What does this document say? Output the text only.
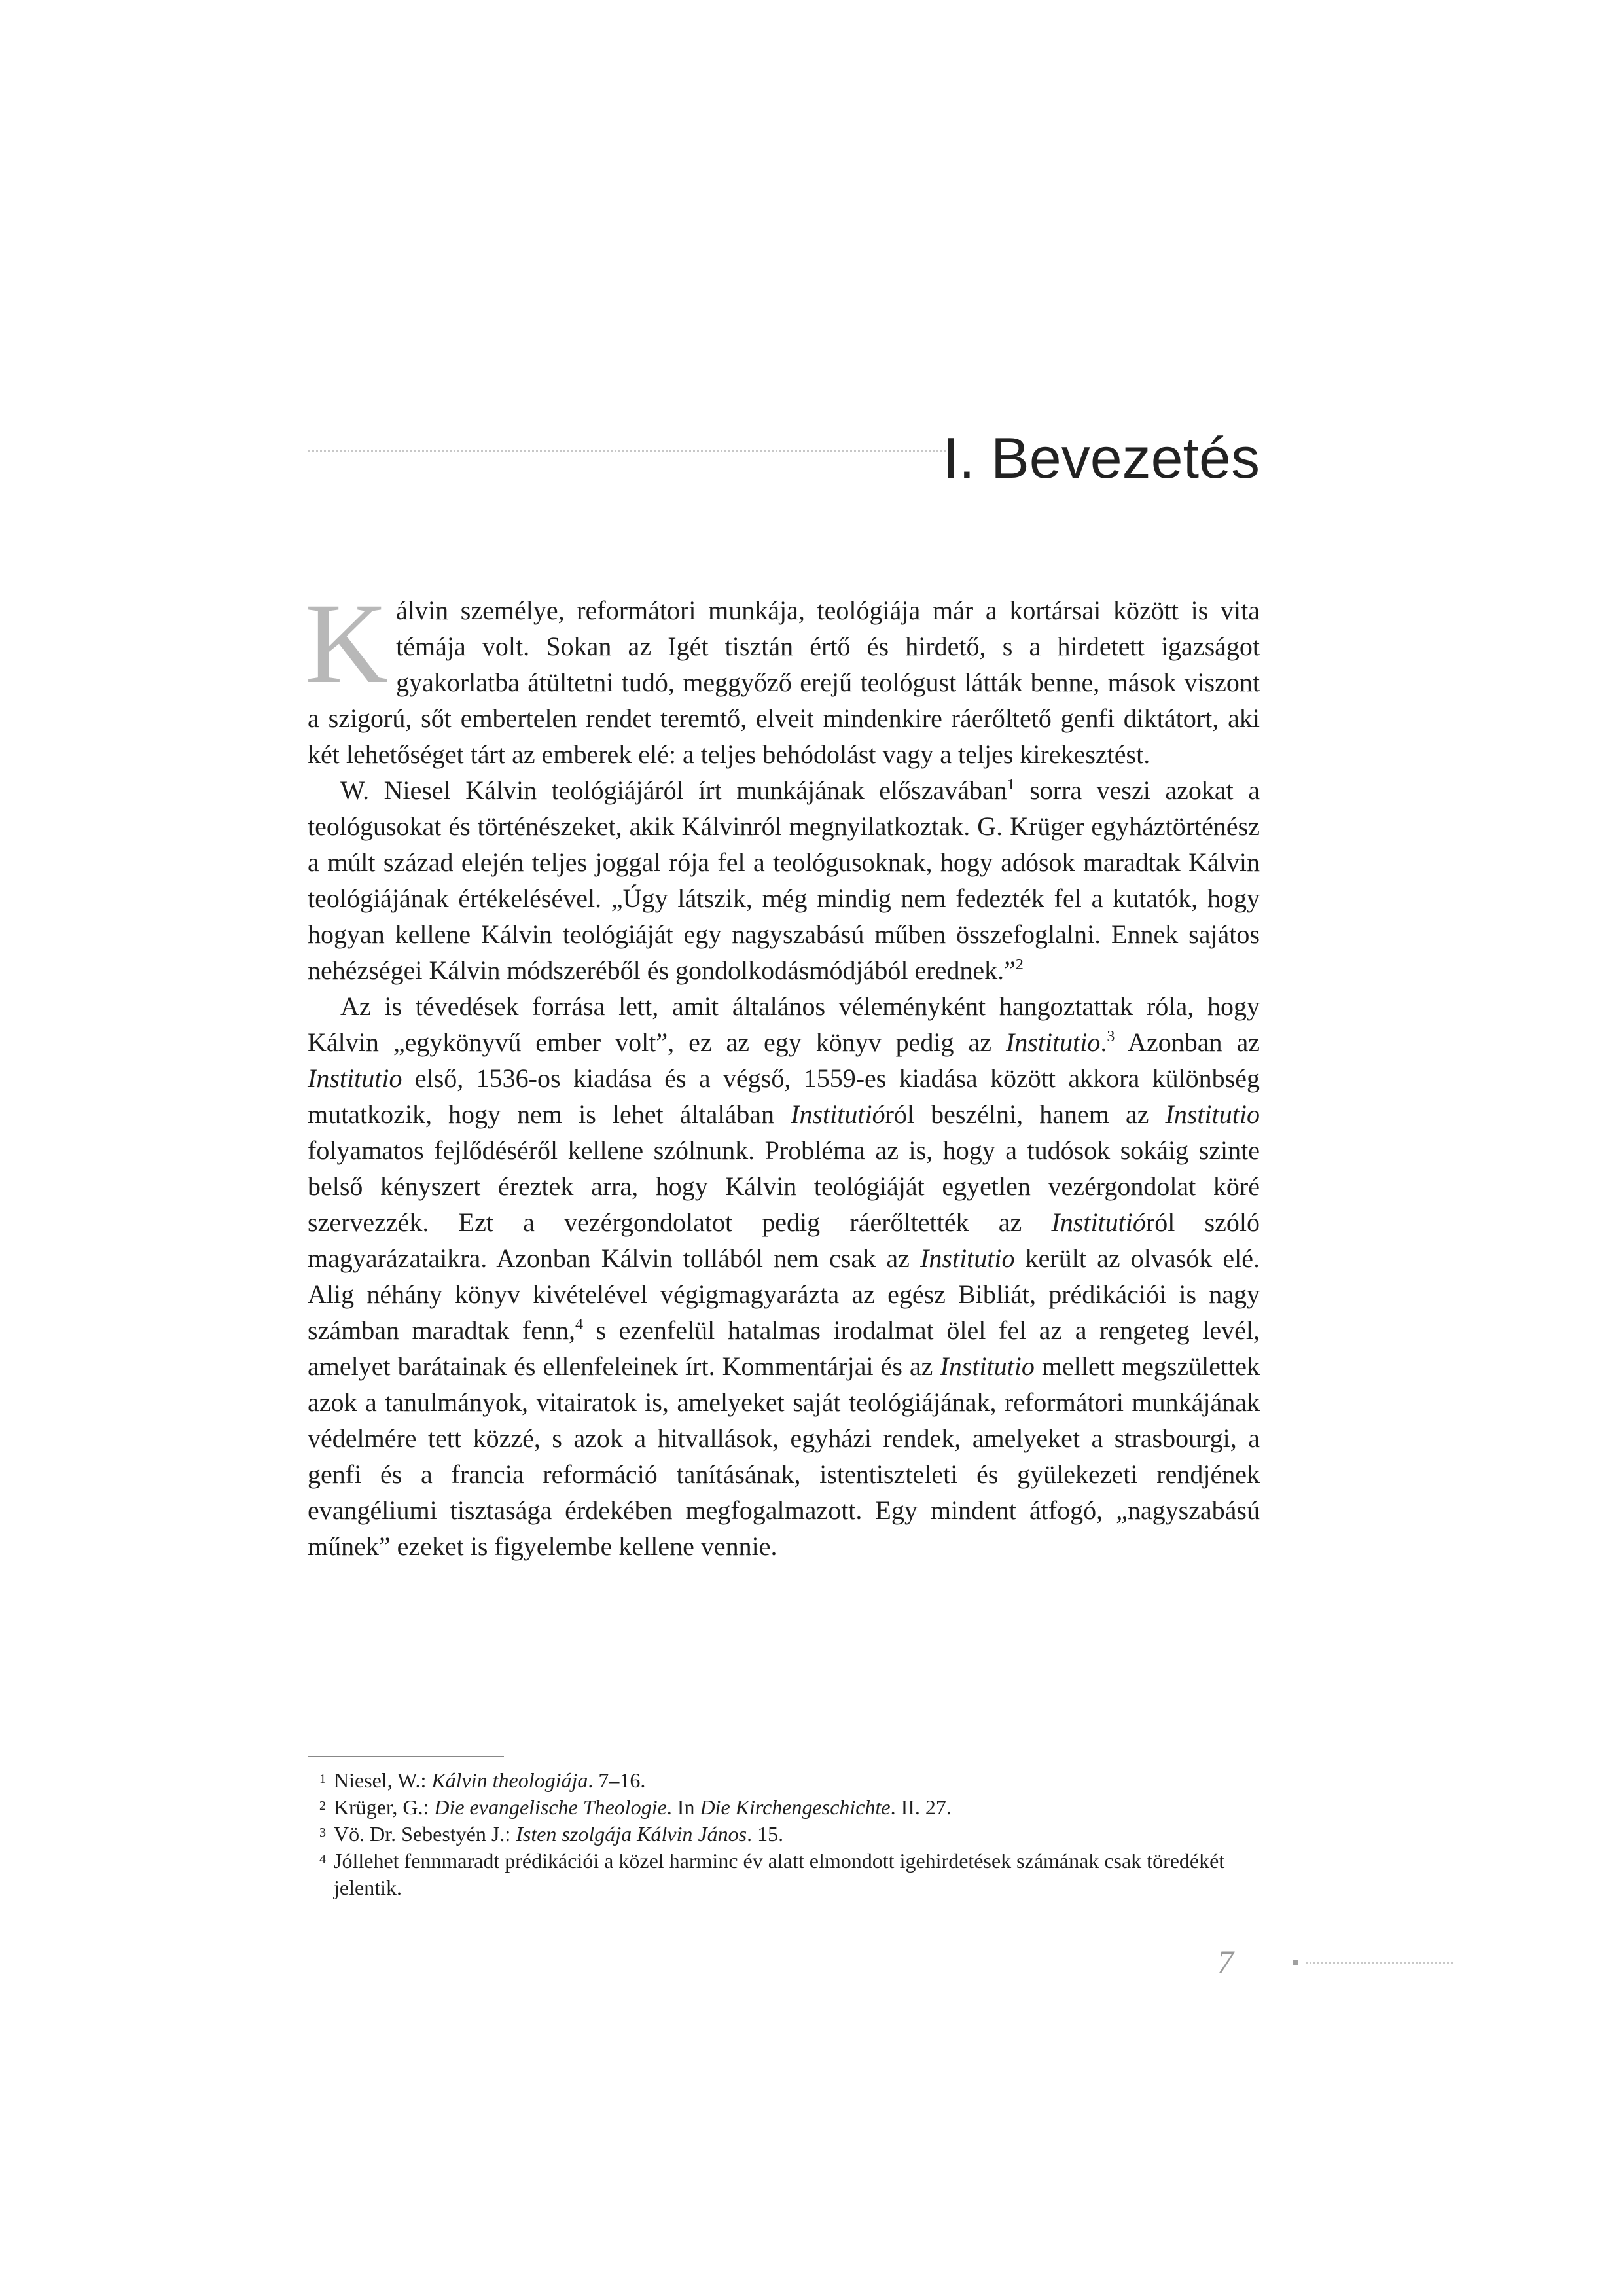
I. Bevezetés

Kálvin személye, reformátori munkája, teológiája már a kortársai között is vita témája volt. Sokan az Igét tisztán értő és hirdető, s a hirdetett igazságot gyakorlatba átültetni tudó, meggyőző erejű teológust látták benne, mások viszont a szigorú, sőt embertelen rendet teremtő, elveit mindenkire ráerőltető genfi diktátort, aki két lehetőséget tárt az emberek elé: a teljes behódolást vagy a teljes kirekesztést.

W. Niesel Kálvin teológiájáról írt munkájának előszavában$^1$ sorra veszi azokat a teológusokat és történészeket, akik Kálvinról megnyilatkoztak. G. Krüger egyháztörténész a múlt század elején teljes joggal rója fel a teológusoknak, hogy adósok maradtak Kálvin teológiájának értékelésével. „Úgy látszik, még mindig nem fedezték fel a kutatók, hogy hogyan kellene Kálvin teológiáját egy nagyszabású műben összefoglalni. Ennek sajátos nehézségei Kálvin módszeréből és gondolkodásmódjából erednek.”$^2$

Az is tévedések forrása lett, amit általános véleményként hangoztattak róla, hogy Kálvin „egykönyvű ember volt”, ez az egy könyv pedig az Institutio.$^3$ Azonban az Institutio első, 1536-os kiadása és a végső, 1559-es kiadása között akkora különbség mutatkozik, hogy nem is lehet általában Institutióról beszélni, hanem az Institutio folyamatos fejlődéséről kellene szólnunk. Probléma az is, hogy a tudósok sokáig szinte belső kényszert éreztek arra, hogy Kálvin teológiáját egyetlen vezérgondolat köré szervezzék. Ezt a vezérgondolatot pedig ráerőltették az Institutióról szóló magyarázataikra. Azonban Kálvin tollából nem csak az Institutio került az olvasók elé. Alig néhány könyv kivételével végigmagyarázta az egész Bibliát, prédikációi is nagy számban maradtak fenn,$^4$ s ezenfelül hatalmas irodalmat ölel fel az a rengeteg levél, amelyet barátainak és ellenfeleinek írt. Kommentárjai és az Institutio mellett megszülettek azok a tanulmányok, vitairatok is, amelyeket saját teológiájának, reformátori munkájának védelmére tett közzé, s azok a hitvallások, egyházi rendek, amelyeket a strasbourgi, a genfi és a francia reformáció tanításának, istentiszteleti és gyülekezeti rendjének evangéliumi tisztasága érdekében megfogalmazott. Egy mindent átfogó, „nagyszabású műnek” ezeket is figyelembe kellene vennie.

1 Niesel, W.: Kálvin theologiája. 7–16.

2 Krüger, G.: Die evangelische Theologie. In Die Kirchengeschichte. II. 27.

3 Vö. Dr. Sebestyén J.: Isten szolgája Kálvin János. 15.

4 Jóllehet fennmaradt prédikációi a közel harminc év alatt elmondott igehirdetések számának csak töredékét jelentik.

7
